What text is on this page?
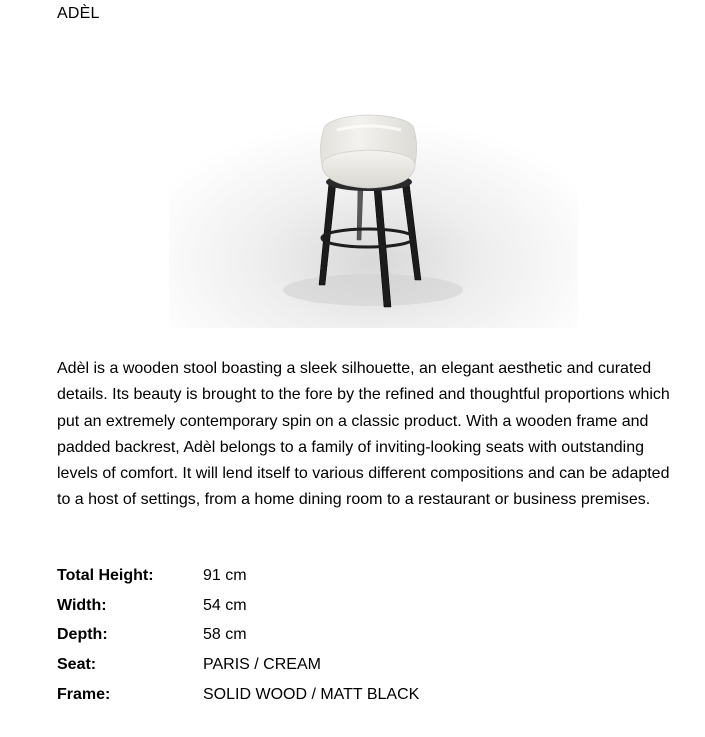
ADÈL

Adèl is a wooden stool boasting a sleek silhouette, an elegant aesthetic and curated details. Its beauty is brought to the fore by the refined and thoughtful proportions which put an extremely contemporary spin on a classic product. With a wooden frame and padded backrest, Adèl belongs to a family of inviting-looking seats with outstanding levels of comfort. It will lend itself to various different compositions and can be adapted to a host of settings, from a home dining room to a restaurant or business premises.

Total Height:	91 cm
Width:	54 cm
Depth:	58 cm
Seat:	PARIS / CREAM
Frame:	SOLID WOOD / MATT BLACK
